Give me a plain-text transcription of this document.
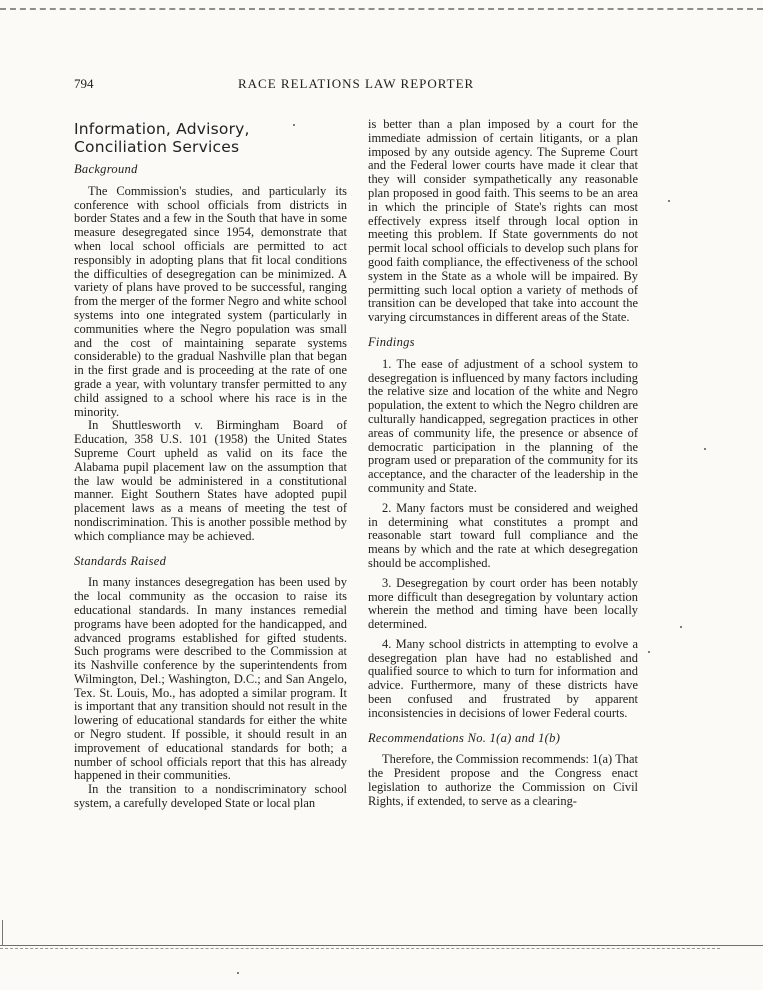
794	RACE RELATIONS LAW REPORTER
Information, Advisory,
Conciliation Services
Background

The Commission's studies, and particularly its conference with school officials from districts in border States and a few in the South that have in some measure desegregated since 1954, demonstrate that when local school officials are permitted to act responsibly in adopting plans that fit local conditions the difficulties of desegregation can be minimized. A variety of plans have proved to be successful, ranging from the merger of the former Negro and white school systems into one integrated system (particularly in communities where the Negro population was small and the cost of maintaining separate systems considerable) to the gradual Nashville plan that began in the first grade and is proceeding at the rate of one grade a year, with voluntary transfer permitted to any child assigned to a school where his race is in the minority.

In Shuttlesworth v. Birmingham Board of Education, 358 U.S. 101 (1958) the United States Supreme Court upheld as valid on its face the Alabama pupil placement law on the assumption that the law would be administered in a constitutional manner. Eight Southern States have adopted pupil placement laws as a means of meeting the test of nondiscrimination. This is another possible method by which compliance may be achieved.

Standards Raised

In many instances desegregation has been used by the local community as the occasion to raise its educational standards. In many instances remedial programs have been adopted for the handicapped, and advanced programs established for gifted students. Such programs were described to the Commission at its Nashville conference by the superintendents from Wilmington, Del.; Washington, D.C.; and San Angelo, Tex. St. Louis, Mo., has adopted a similar program. It is important that any transition should not result in the lowering of educational standards for either the white or Negro student. If possible, it should result in an improvement of educational standards for both; a number of school officials report that this has already happened in their communities.

In the transition to a nondiscriminatory school system, a carefully developed State or local plan

is better than a plan imposed by a court for the immediate admission of certain litigants, or a plan imposed by any outside agency. The Supreme Court and the Federal lower courts have made it clear that they will consider sympathetically any reasonable plan proposed in good faith. This seems to be an area in which the principle of State's rights can most effectively express itself through local option in meeting this problem. If State governments do not permit local school officials to develop such plans for good faith compliance, the effectiveness of the school system in the State as a whole will be impaired. By permitting such local option a variety of methods of transition can be developed that take into account the varying circumstances in different areas of the State.

Findings

1. The ease of adjustment of a school system to desegregation is influenced by many factors including the relative size and location of the white and Negro population, the extent to which the Negro children are culturally handicapped, segregation practices in other areas of community life, the presence or absence of democratic participation in the planning of the program used or preparation of the community for its acceptance, and the character of the leadership in the community and State.

2. Many factors must be considered and weighed in determining what constitutes a prompt and reasonable start toward full compliance and the means by which and the rate at which desegregation should be accomplished.

3. Desegregation by court order has been notably more difficult than desegregation by voluntary action wherein the method and timing have been locally determined.

4. Many school districts in attempting to evolve a desegregation plan have had no established and qualified source to which to turn for information and advice. Furthermore, many of these districts have been confused and frustrated by apparent inconsistencies in decisions of lower Federal courts.

Recommendations No. 1(a) and 1(b)

Therefore, the Commission recommends: 1(a) That the President propose and the Congress enact legislation to authorize the Commission on Civil Rights, if extended, to serve as a clearing-
